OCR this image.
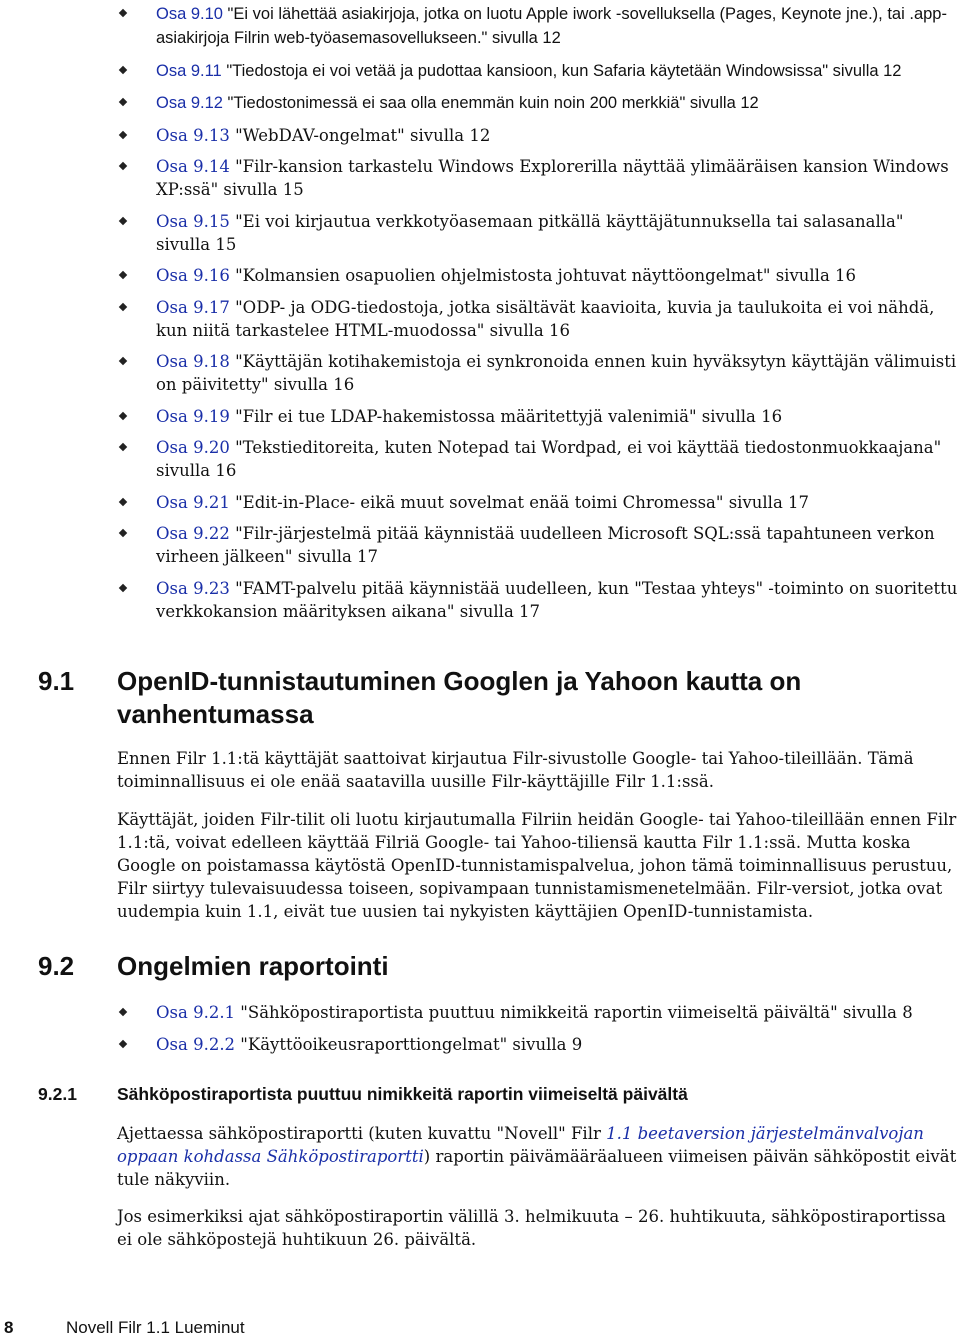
Osa 9.10 "Ei voi lähettää asiakirjoja, jotka on luotu Apple iwork -sovelluksella (Pages, Keynote jne.), tai .app-asiakirjoja Filrin web-työasemasovellukseen." sivulla 12
Osa 9.11 "Tiedostoja ei voi vetää ja pudottaa kansioon, kun Safaria käytetään Windowsissa" sivulla 12
Osa 9.12 "Tiedostonimessä ei saa olla enemmän kuin noin 200 merkkiä" sivulla 12
Osa 9.13 "WebDAV-ongelmat" sivulla 12
Osa 9.14 "Filr-kansion tarkastelu Windows Explorerilla näyttää ylimääräisen kansion Windows XP:ssä" sivulla 15
Osa 9.15 "Ei voi kirjautua verkkotyöasemaan pitkällä käyttäjätunnuksella tai salasanalla" sivulla 15
Osa 9.16 "Kolmansien osapuolien ohjelmistosta johtuvat näyttöongelmat" sivulla 16
Osa 9.17 "ODP- ja ODG-tiedostoja, jotka sisältävät kaavioita, kuvia ja taulukoita ei voi nähdä, kun niitä tarkastelee HTML-muodossa" sivulla 16
Osa 9.18 "Käyttäjän kotihakemistoja ei synkronoida ennen kuin hyväksytyn käyttäjän välimuisti on päivitetty" sivulla 16
Osa 9.19 "Filr ei tue LDAP-hakemistossa määritettyjä valenimiä" sivulla 16
Osa 9.20 "Tekstieditoreita, kuten Notepad tai Wordpad, ei voi käyttää tiedostonmuokkaajana" sivulla 16
Osa 9.21 "Edit-in-Place- eikä muut sovelmat enää toimi Chromessa" sivulla 17
Osa 9.22 "Filr-järjestelmä pitää käynnistää uudelleen Microsoft SQL:ssä tapahtuneen verkon virheen jälkeen" sivulla 17
Osa 9.23 "FAMT-palvelu pitää käynnistää uudelleen, kun "Testaa yhteys" -toiminto on suoritettu verkkokansion määrityksen aikana" sivulla 17
9.1 OpenID-tunnistautuminen Googlen ja Yahoon kautta on vanhentumassa

Ennen Filr 1.1:tä käyttäjät saattoivat kirjautua Filr-sivustolle Google- tai Yahoo-tileillään. Tämä toiminnallisuus ei ole enää saatavilla uusille Filr-käyttäjille Filr 1.1:ssä.

Käyttäjät, joiden Filr-tilit oli luotu kirjautumalla Filriin heidän Google- tai Yahoo-tileillään ennen Filr 1.1:tä, voivat edelleen käyttää Filriä Google- tai Yahoo-tiliensä kautta Filr 1.1:ssä. Mutta koska Google on poistamassa käytöstä OpenID-tunnistamispalvelua, johon tämä toiminnallisuus perustuu, Filr siirtyy tulevaisuudessa toiseen, sopivampaan tunnistamismenetelmään. Filr-versiot, jotka ovat uudempia kuin 1.1, eivät tue uusien tai nykyisten käyttäjien OpenID-tunnistamista.

9.2 Ongelmien raportointi
Osa 9.2.1 "Sähköpostiraportista puuttuu nimikkeitä raportin viimeiseltä päivältä" sivulla 8
Osa 9.2.2 "Käyttöoikeusraporttiongelmat" sivulla 9
9.2.1 Sähköpostiraportista puuttuu nimikkeitä raportin viimeiseltä päivältä

Ajettaessa sähköpostiraportti (kuten kuvattu "Novell" Filr 1.1 beetaversion järjestelmänvalvojan oppaan kohdassa Sähköpostiraportti) raportin päivämääräalueen viimeisen päivän sähköpostit eivät tule näkyviin.

Jos esimerkiksi ajat sähköpostiraportin välillä 3. helmikuuta – 26. huhtikuuta, sähköpostiraportissa ei ole sähköpostejä huhtikuun 26. päivältä.

8	Novell Filr 1.1 Lueminut
